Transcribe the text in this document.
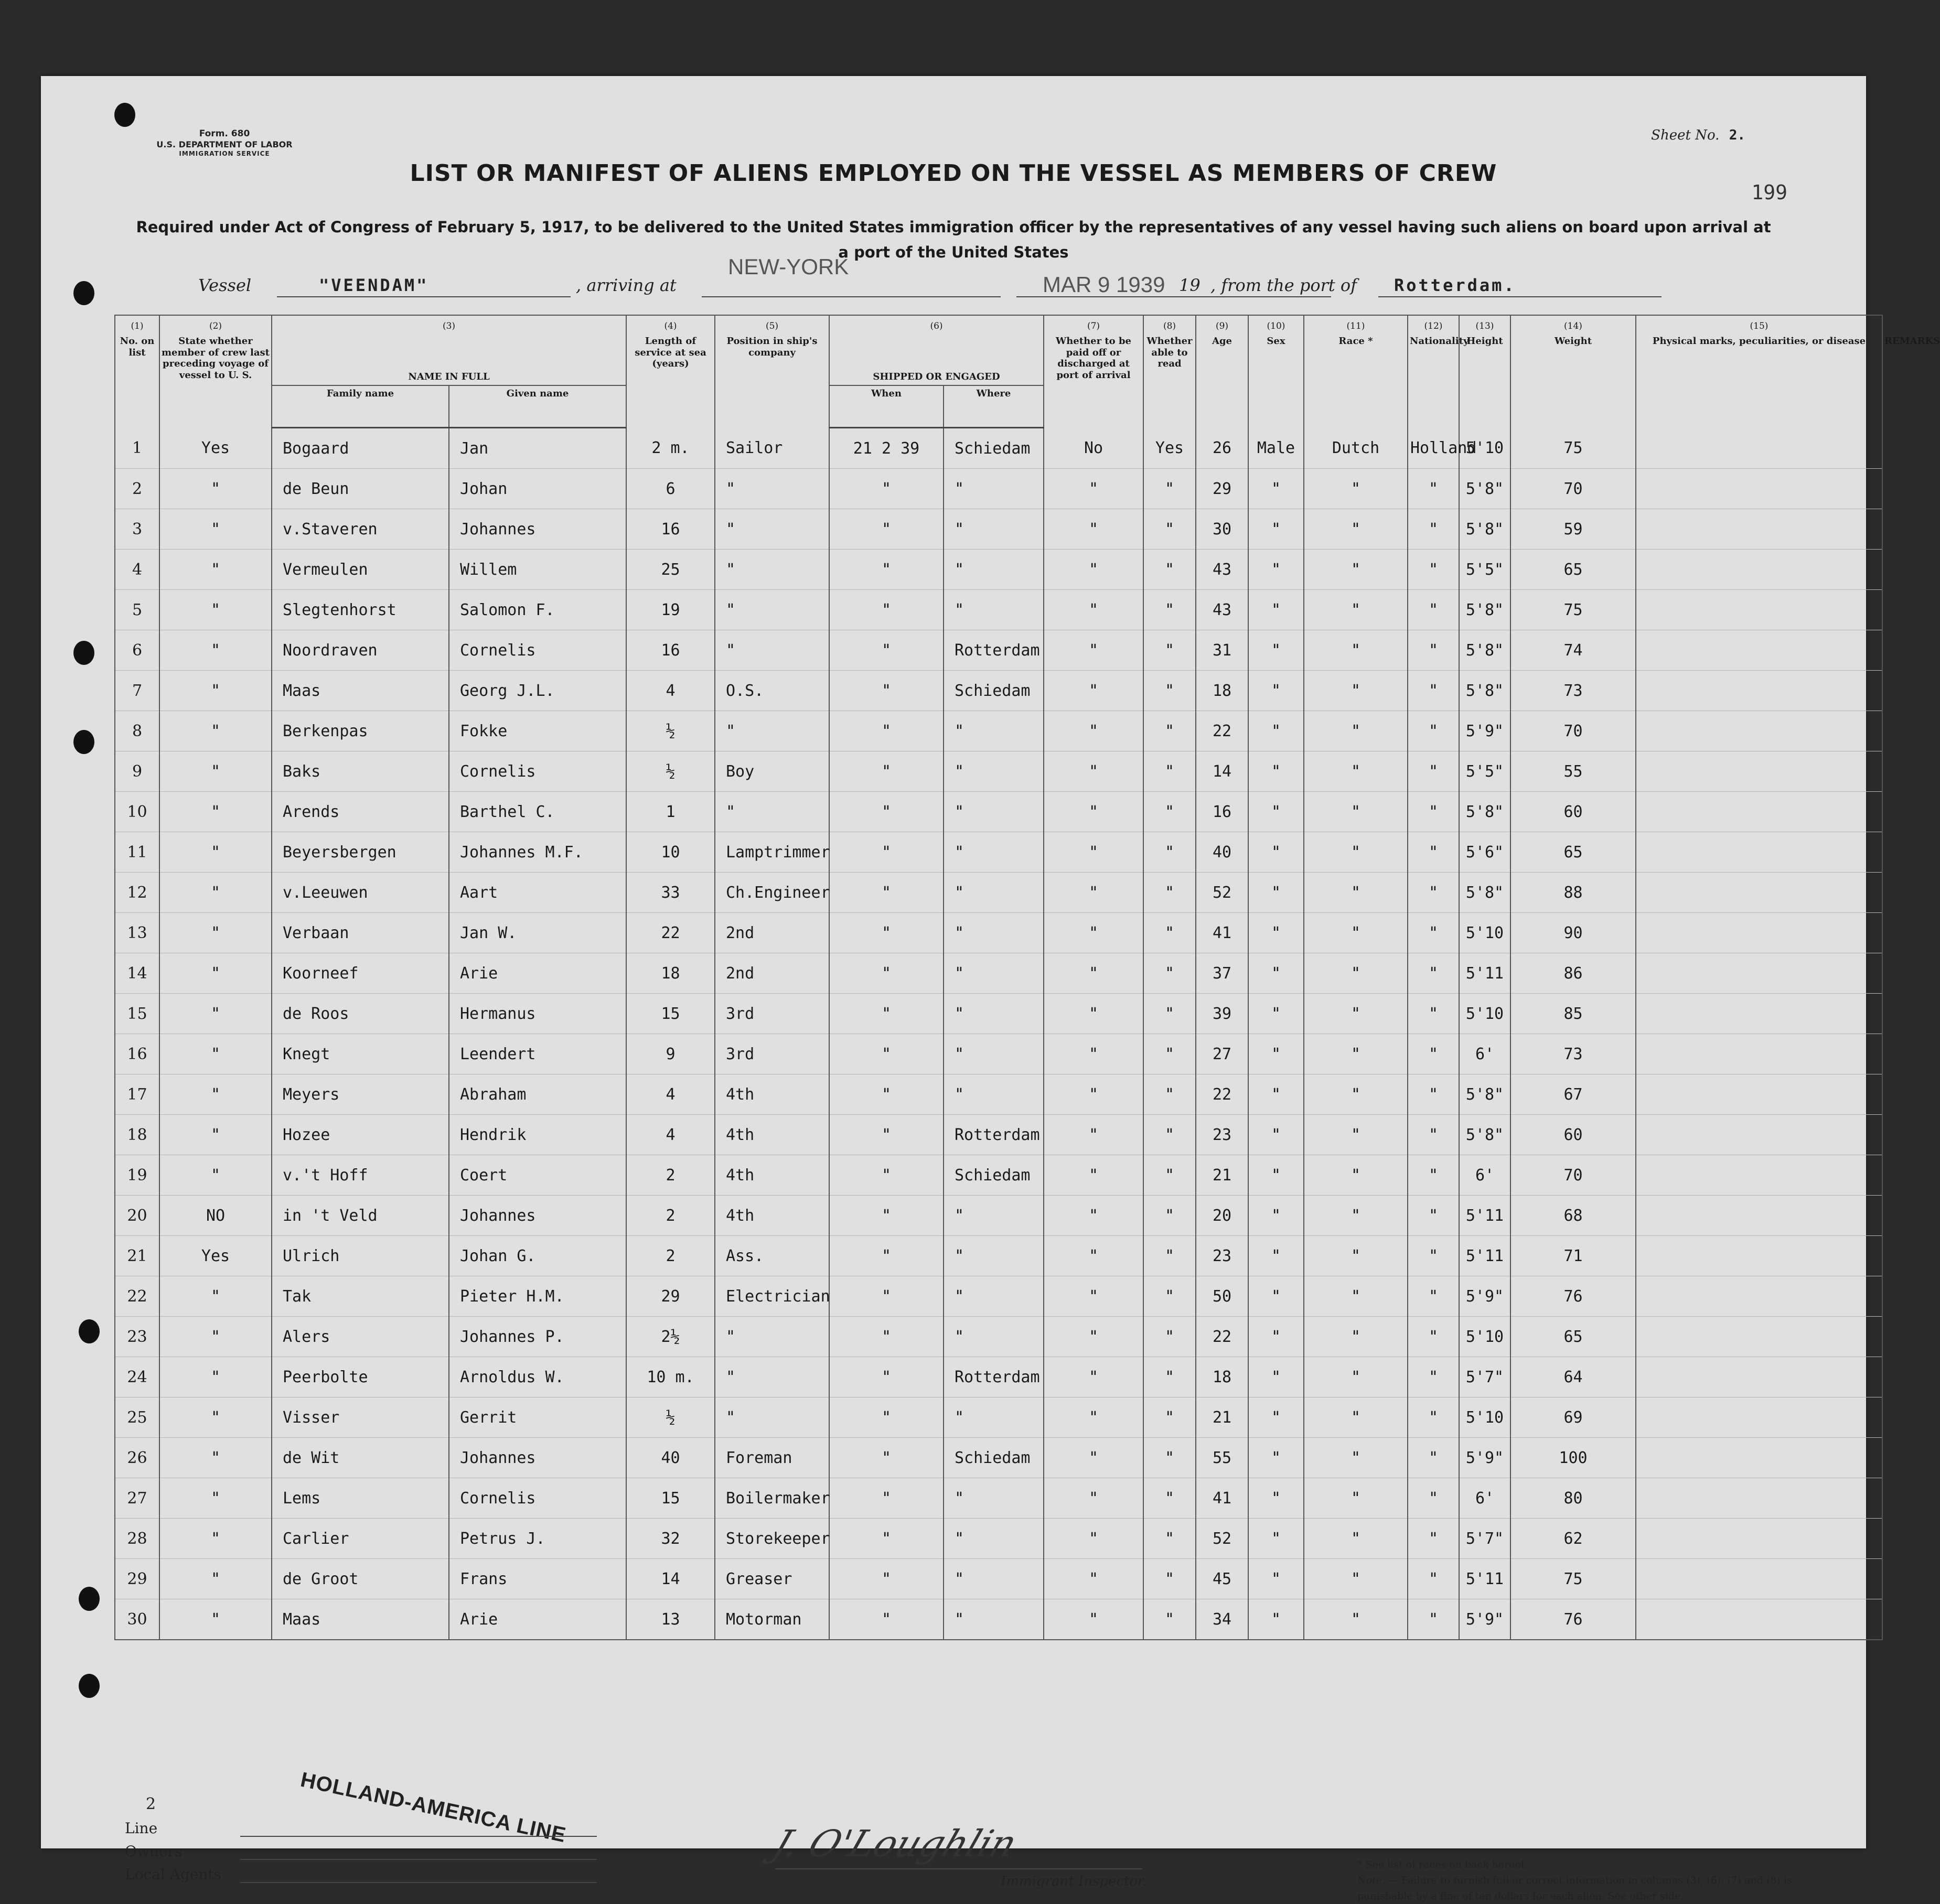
Form. 680
U.S. DEPARTMENT OF LABOR
IMMIGRATION SERVICE
Sheet No. 2.
199
LIST OR MANIFEST OF ALIENS EMPLOYED ON THE VESSEL AS MEMBERS OF CREW
Required under Act of Congress of February 5, 1917, to be delivered to the United States immigration officer by the representatives of any vessel having such aliens on board upon arrival at a port of the United States
Vessel	"VEENDAM"	, arriving at
NEW-YORK
MAR 9 1939 19 , from the port of Rotterdam.
(1)	(2)	(3)		(4)	(5)	(6)		(7)	(8)	(9)	(10)	(11)	(12)	(13)	(14)	(15)	
No. on list	State whether member of crew last preceding voyage of vessel to U. S.	NAME IN FULL		Length of service at sea (years)	Position in ship's company	SHIPPED OR ENGAGED		Whether to be paid off or discharged at port of arrival	Whether able to read	Age	Sex	Race *	Nationality	Height	Weight	Physical marks, peculiarities, or disease	REMARKS
		Family name	Given name			When	Where										
1	Yes	Bogaard	Jan	2 m.	Sailor	21 2 39	Schiedam	No	Yes	26	Male	Dutch	Holland	5'10	75		
2	"	de Beun	Johan	6	"	"	"	"	"	29	"	"	"	5'8"	70		
3	"	v.Staveren	Johannes	16	"	"	"	"	"	30	"	"	"	5'8"	59		
4	"	Vermeulen	Willem	25	"	"	"	"	"	43	"	"	"	5'5"	65		
5	"	Slegtenhorst	Salomon F.	19	"	"	"	"	"	43	"	"	"	5'8"	75		
6	"	Noordraven	Cornelis	16	"	"	Rotterdam	"	"	31	"	"	"	5'8"	74		
7	"	Maas	Georg J.L.	4	O.S.	"	Schiedam	"	"	18	"	"	"	5'8"	73		
8	"	Berkenpas	Fokke	½	"	"	"	"	"	22	"	"	"	5'9"	70		
9	"	Baks	Cornelis	½	Boy	"	"	"	"	14	"	"	"	5'5"	55		
10	"	Arends	Barthel C.	1	"	"	"	"	"	16	"	"	"	5'8"	60		
11	"	Beyersbergen	Johannes M.F.	10	Lamptrimmer	"	"	"	"	40	"	"	"	5'6"	65		
12	"	v.Leeuwen	Aart	33	Ch.Engineer	"	"	"	"	52	"	"	"	5'8"	88		
13	"	Verbaan	Jan W.	22	2nd	"	"	"	"	41	"	"	"	5'10	90		
14	"	Koorneef	Arie	18	2nd	"	"	"	"	37	"	"	"	5'11	86		
15	"	de Roos	Hermanus	15	3rd	"	"	"	"	39	"	"	"	5'10	85		
16	"	Knegt	Leendert	9	3rd	"	"	"	"	27	"	"	"	6'	73		
17	"	Meyers	Abraham	4	4th	"	"	"	"	22	"	"	"	5'8"	67		
18	"	Hozee	Hendrik	4	4th	"	Rotterdam	"	"	23	"	"	"	5'8"	60		
19	"	v.'t Hoff	Coert	2	4th	"	Schiedam	"	"	21	"	"	"	6'	70		
20	NO	in 't Veld	Johannes	2	4th	"	"	"	"	20	"	"	"	5'11	68		
21	Yes	Ulrich	Johan G.	2	Ass.	"	"	"	"	23	"	"	"	5'11	71		
22	"	Tak	Pieter H.M.	29	Electrician	"	"	"	"	50	"	"	"	5'9"	76		
23	"	Alers	Johannes P.	2½	"	"	"	"	"	22	"	"	"	5'10	65		
24	"	Peerbolte	Arnoldus W.	10 m.	"	"	Rotterdam	"	"	18	"	"	"	5'7"	64		
25	"	Visser	Gerrit	½	"	"	"	"	"	21	"	"	"	5'10	69		
26	"	de Wit	Johannes	40	Foreman	"	Schiedam	"	"	55	"	"	"	5'9"	100		
27	"	Lems	Cornelis	15	Boilermaker	"	"	"	"	41	"	"	"	6'	80		
28	"	Carlier	Petrus J.	32	Storekeeper	"	"	"	"	52	"	"	"	5'7"	62		
29	"	de Groot	Frans	14	Greaser	"	"	"	"	45	"	"	"	5'11	75		
30	"	Maas	Arie	13	Motorman	"	"	"	"	34	"	"	"	5'9"	76		
2	HOLLAND-AMERICA LINE
Line
Owners
Local Agents
J. O'Loughlin
Immigrant Inspector.
* See list of races on back hereof.
Note. — Failure to furnish full or correct information in columns (3), (6), (7) and (8) is punishable by a fine of ten dollars for each alien. See other side.
